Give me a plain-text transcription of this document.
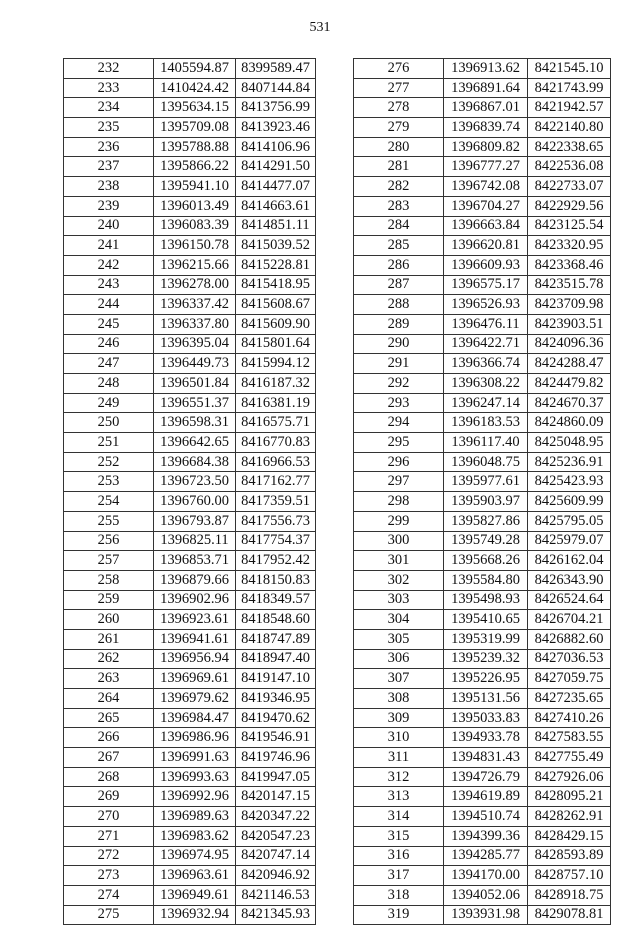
531
232	1405594.87	8399589.47
233	1410424.42	8407144.84
234	1395634.15	8413756.99
235	1395709.08	8413923.46
236	1395788.88	8414106.96
237	1395866.22	8414291.50
238	1395941.10	8414477.07
239	1396013.49	8414663.61
240	1396083.39	8414851.11
241	1396150.78	8415039.52
242	1396215.66	8415228.81
243	1396278.00	8415418.95
244	1396337.42	8415608.67
245	1396337.80	8415609.90
246	1396395.04	8415801.64
247	1396449.73	8415994.12
248	1396501.84	8416187.32
249	1396551.37	8416381.19
250	1396598.31	8416575.71
251	1396642.65	8416770.83
252	1396684.38	8416966.53
253	1396723.50	8417162.77
254	1396760.00	8417359.51
255	1396793.87	8417556.73
256	1396825.11	8417754.37
257	1396853.71	8417952.42
258	1396879.66	8418150.83
259	1396902.96	8418349.57
260	1396923.61	8418548.60
261	1396941.61	8418747.89
262	1396956.94	8418947.40
263	1396969.61	8419147.10
264	1396979.62	8419346.95
265	1396984.47	8419470.62
266	1396986.96	8419546.91
267	1396991.63	8419746.96
268	1396993.63	8419947.05
269	1396992.96	8420147.15
270	1396989.63	8420347.22
271	1396983.62	8420547.23
272	1396974.95	8420747.14
273	1396963.61	8420946.92
274	1396949.61	8421146.53
275	1396932.94	8421345.93
276	1396913.62	8421545.10
277	1396891.64	8421743.99
278	1396867.01	8421942.57
279	1396839.74	8422140.80
280	1396809.82	8422338.65
281	1396777.27	8422536.08
282	1396742.08	8422733.07
283	1396704.27	8422929.56
284	1396663.84	8423125.54
285	1396620.81	8423320.95
286	1396609.93	8423368.46
287	1396575.17	8423515.78
288	1396526.93	8423709.98
289	1396476.11	8423903.51
290	1396422.71	8424096.36
291	1396366.74	8424288.47
292	1396308.22	8424479.82
293	1396247.14	8424670.37
294	1396183.53	8424860.09
295	1396117.40	8425048.95
296	1396048.75	8425236.91
297	1395977.61	8425423.93
298	1395903.97	8425609.99
299	1395827.86	8425795.05
300	1395749.28	8425979.07
301	1395668.26	8426162.04
302	1395584.80	8426343.90
303	1395498.93	8426524.64
304	1395410.65	8426704.21
305	1395319.99	8426882.60
306	1395239.32	8427036.53
307	1395226.95	8427059.75
308	1395131.56	8427235.65
309	1395033.83	8427410.26
310	1394933.78	8427583.55
311	1394831.43	8427755.49
312	1394726.79	8427926.06
313	1394619.89	8428095.21
314	1394510.74	8428262.91
315	1394399.36	8428429.15
316	1394285.77	8428593.89
317	1394170.00	8428757.10
318	1394052.06	8428918.75
319	1393931.98	8429078.81
